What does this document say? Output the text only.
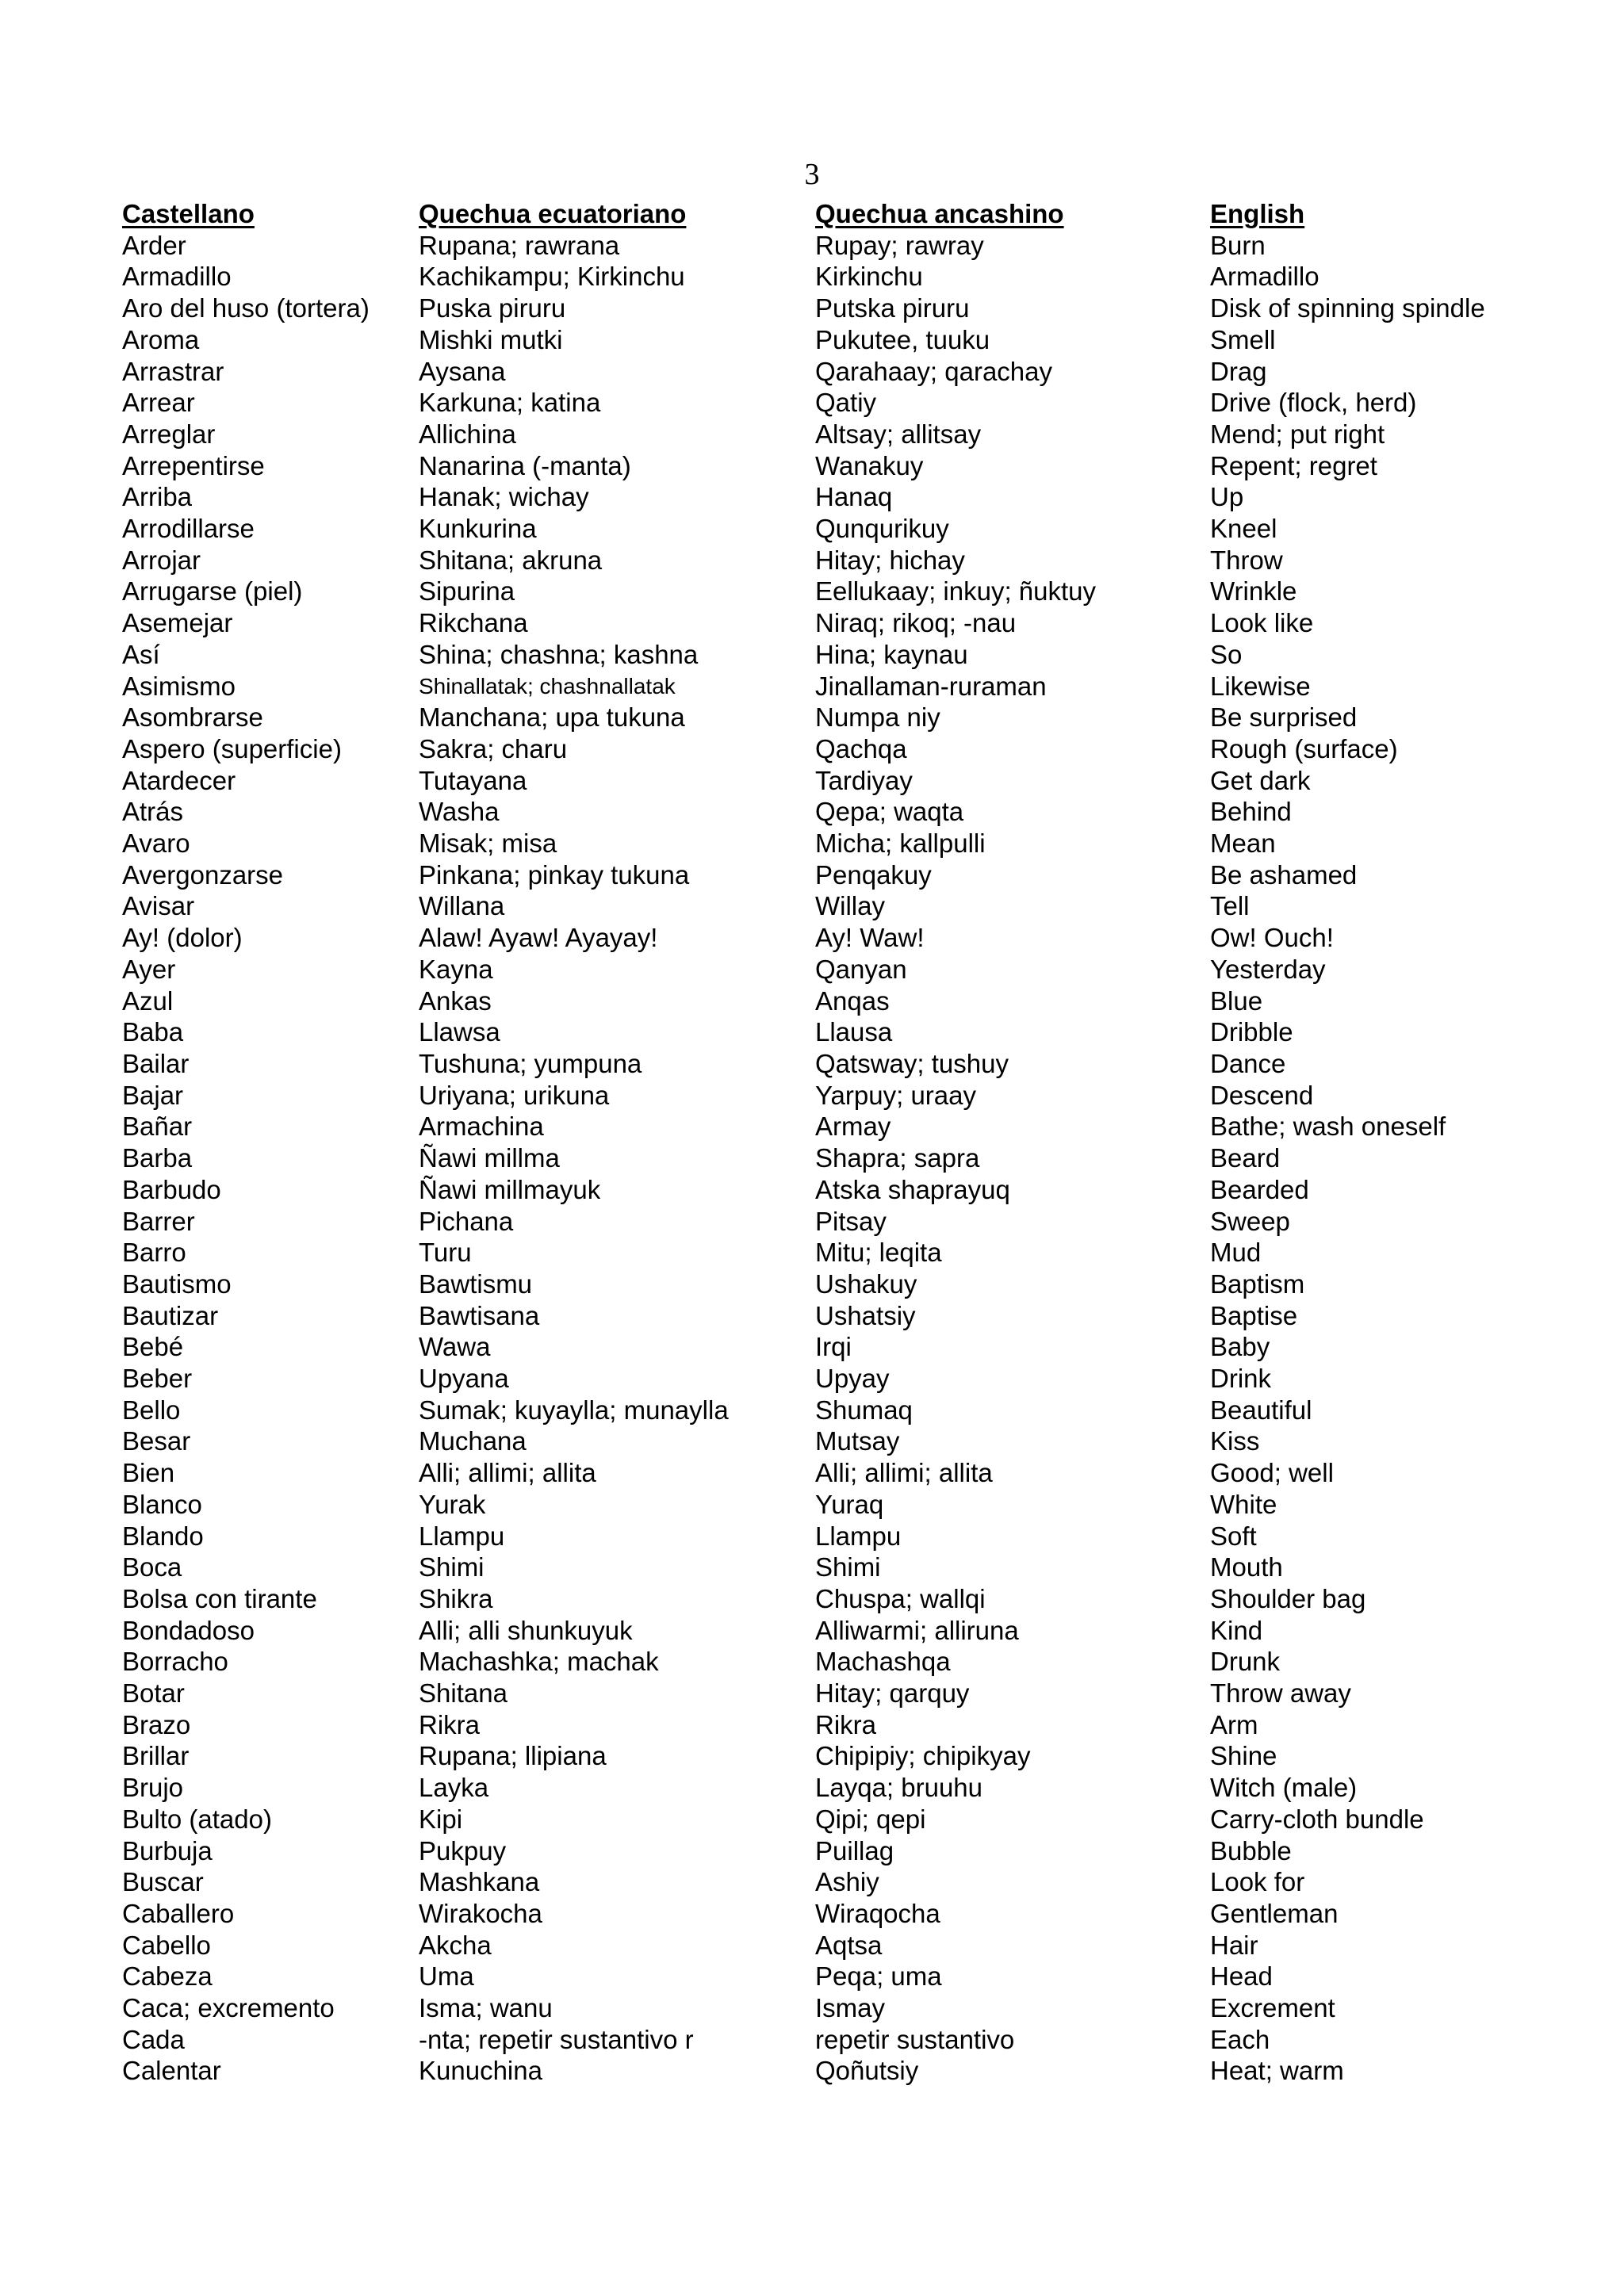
3
Castellano	Quechua ecuatoriano	Quechua ancashino	English
Arder	Rupana; rawrana	Rupay; rawray	Burn
Armadillo	Kachikampu; Kirkinchu	Kirkinchu	Armadillo
Aro del huso (tortera)	Puska piruru	Putska piruru	Disk of spinning spindle
Aroma	Mishki mutki	Pukutee, tuuku	Smell
Arrastrar	Aysana	Qarahaay; qarachay	Drag
Arrear	Karkuna; katina	Qatiy	Drive (flock, herd)
Arreglar	Allichina	Altsay; allitsay	Mend; put right
Arrepentirse	Nanarina (-manta)	Wanakuy	Repent; regret
Arriba	Hanak; wichay	Hanaq	Up
Arrodillarse	Kunkurina	Qunqurikuy	Kneel
Arrojar	Shitana; akruna	Hitay; hichay	Throw
Arrugarse (piel)	Sipurina	Eellukaay; inkuy; ñuktuy	Wrinkle
Asemejar	Rikchana	Niraq; rikoq; -nau	Look like
Así	Shina; chashna; kashna	Hina; kaynau	So
Asimismo	Shinallatak; chashnallatak	Jinallaman-ruraman	Likewise
Asombrarse	Manchana; upa tukuna	Numpa niy	Be surprised
Aspero (superficie)	Sakra; charu	Qachqa	Rough (surface)
Atardecer	Tutayana	Tardiyay	Get dark
Atrás	Washa	Qepa; waqta	Behind
Avaro	Misak; misa	Micha; kallpulli	Mean
Avergonzarse	Pinkana; pinkay tukuna	Penqakuy	Be ashamed
Avisar	Willana	Willay	Tell
Ay! (dolor)	Alaw! Ayaw! Ayayay!	Ay! Waw!	Ow! Ouch!
Ayer	Kayna	Qanyan	Yesterday
Azul	Ankas	Anqas	Blue
Baba	Llawsa	Llausa	Dribble
Bailar	Tushuna; yumpuna	Qatsway; tushuy	Dance
Bajar	Uriyana; urikuna	Yarpuy; uraay	Descend
Bañar	Armachina	Armay	Bathe; wash oneself
Barba	Ñawi millma	Shapra; sapra	Beard
Barbudo	Ñawi millmayuk	Atska shaprayuq	Bearded
Barrer	Pichana	Pitsay	Sweep
Barro	Turu	Mitu; leqita	Mud
Bautismo	Bawtismu	Ushakuy	Baptism
Bautizar	Bawtisana	Ushatsiy	Baptise
Bebé	Wawa	Irqi	Baby
Beber	Upyana	Upyay	Drink
Bello	Sumak; kuyaylla; munaylla	Shumaq	Beautiful
Besar	Muchana	Mutsay	Kiss
Bien	Alli; allimi; allita	Alli; allimi; allita	Good; well
Blanco	Yurak	Yuraq	White
Blando	Llampu	Llampu	Soft
Boca	Shimi	Shimi	Mouth
Bolsa con tirante	Shikra	Chuspa; wallqi	Shoulder bag
Bondadoso	Alli; alli shunkuyuk	Alliwarmi; alliruna	Kind
Borracho	Machashka; machak	Machashqa	Drunk
Botar	Shitana	Hitay; qarquy	Throw away
Brazo	Rikra	Rikra	Arm
Brillar	Rupana; llipiana	Chipipiy; chipikyay	Shine
Brujo	Layka	Layqa; bruuhu	Witch (male)
Bulto (atado)	Kipi	Qipi; qepi	Carry-cloth bundle
Burbuja	Pukpuy	Puillag	Bubble
Buscar	Mashkana	Ashiy	Look for
Caballero	Wirakocha	Wiraqocha	Gentleman
Cabello	Akcha	Aqtsa	Hair
Cabeza	Uma	Peqa; uma	Head
Caca; excremento	Isma; wanu	Ismay	Excrement
Cada	-nta; repetir sustantivo r	repetir sustantivo	Each
Calentar	Kunuchina	Qoñutsiy	Heat; warm
